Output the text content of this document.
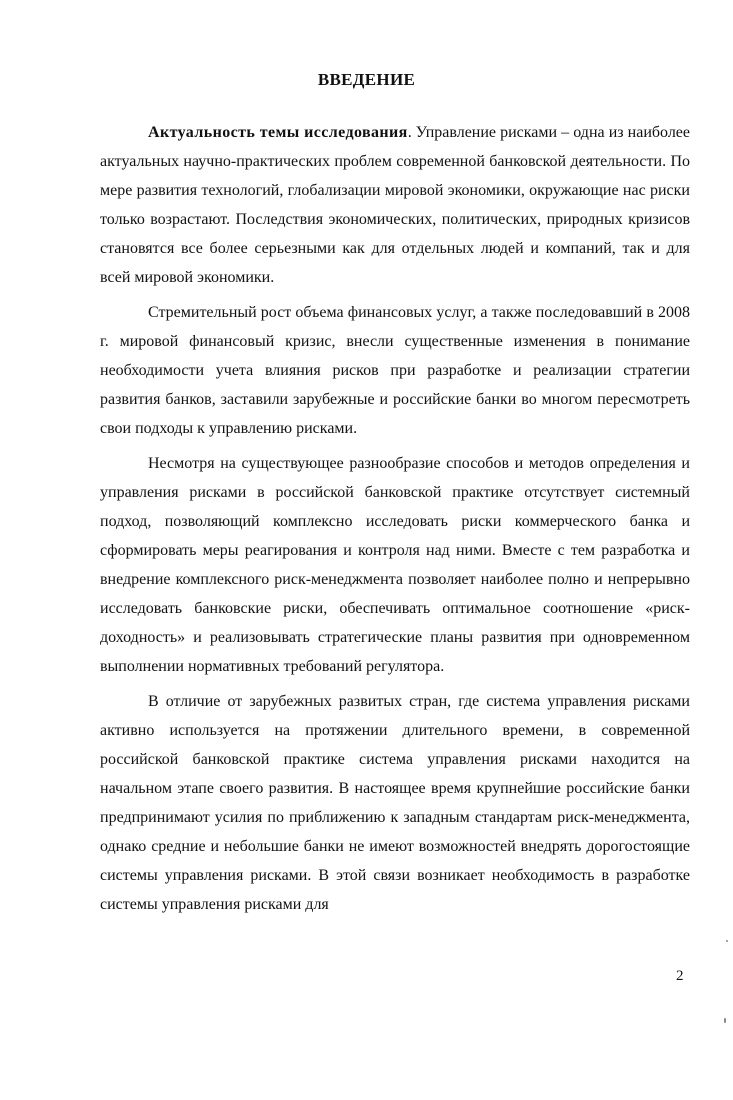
ВВЕДЕНИЕ

Актуальность темы исследования. Управление рисками – одна из наиболее актуальных научно-практических проблем современной банковской деятельности. По мере развития технологий, глобализации мировой экономики, окружающие нас риски только возрастают. Последствия экономических, политических, природных кризисов становятся все более серьезными как для отдельных людей и компаний, так и для всей мировой экономики.

Стремительный рост объема финансовых услуг, а также последовавший в 2008 г. мировой финансовый кризис, внесли существенные изменения в понимание необходимости учета влияния рисков при разработке и реализации стратегии развития банков, заставили зарубежные и российские банки во многом пересмотреть свои подходы к управлению рисками.

Несмотря на существующее разнообразие способов и методов определения и управления рисками в российской банковской практике отсутствует системный подход, позволяющий комплексно исследовать риски коммерческого банка и сформировать меры реагирования и контроля над ними. Вместе с тем разработка и внедрение комплексного риск-менеджмента позволяет наиболее полно и непрерывно исследовать банковские риски, обеспечивать оптимальное соотношение «риск-доходность» и реализовывать стратегические планы развития при одновременном выполнении нормативных требований регулятора.

В отличие от зарубежных развитых стран, где система управления рисками активно используется на протяжении длительного времени, в современной российской банковской практике система управления рисками находится на начальном этапе своего развития. В настоящее время крупнейшие российские банки предпринимают усилия по приближению к западным стандартам риск-менеджмента, однако средние и небольшие банки не имеют возможностей внедрять дорогостоящие системы управления рисками. В этой связи возникает необходимость в разработке системы управления рисками для

2
